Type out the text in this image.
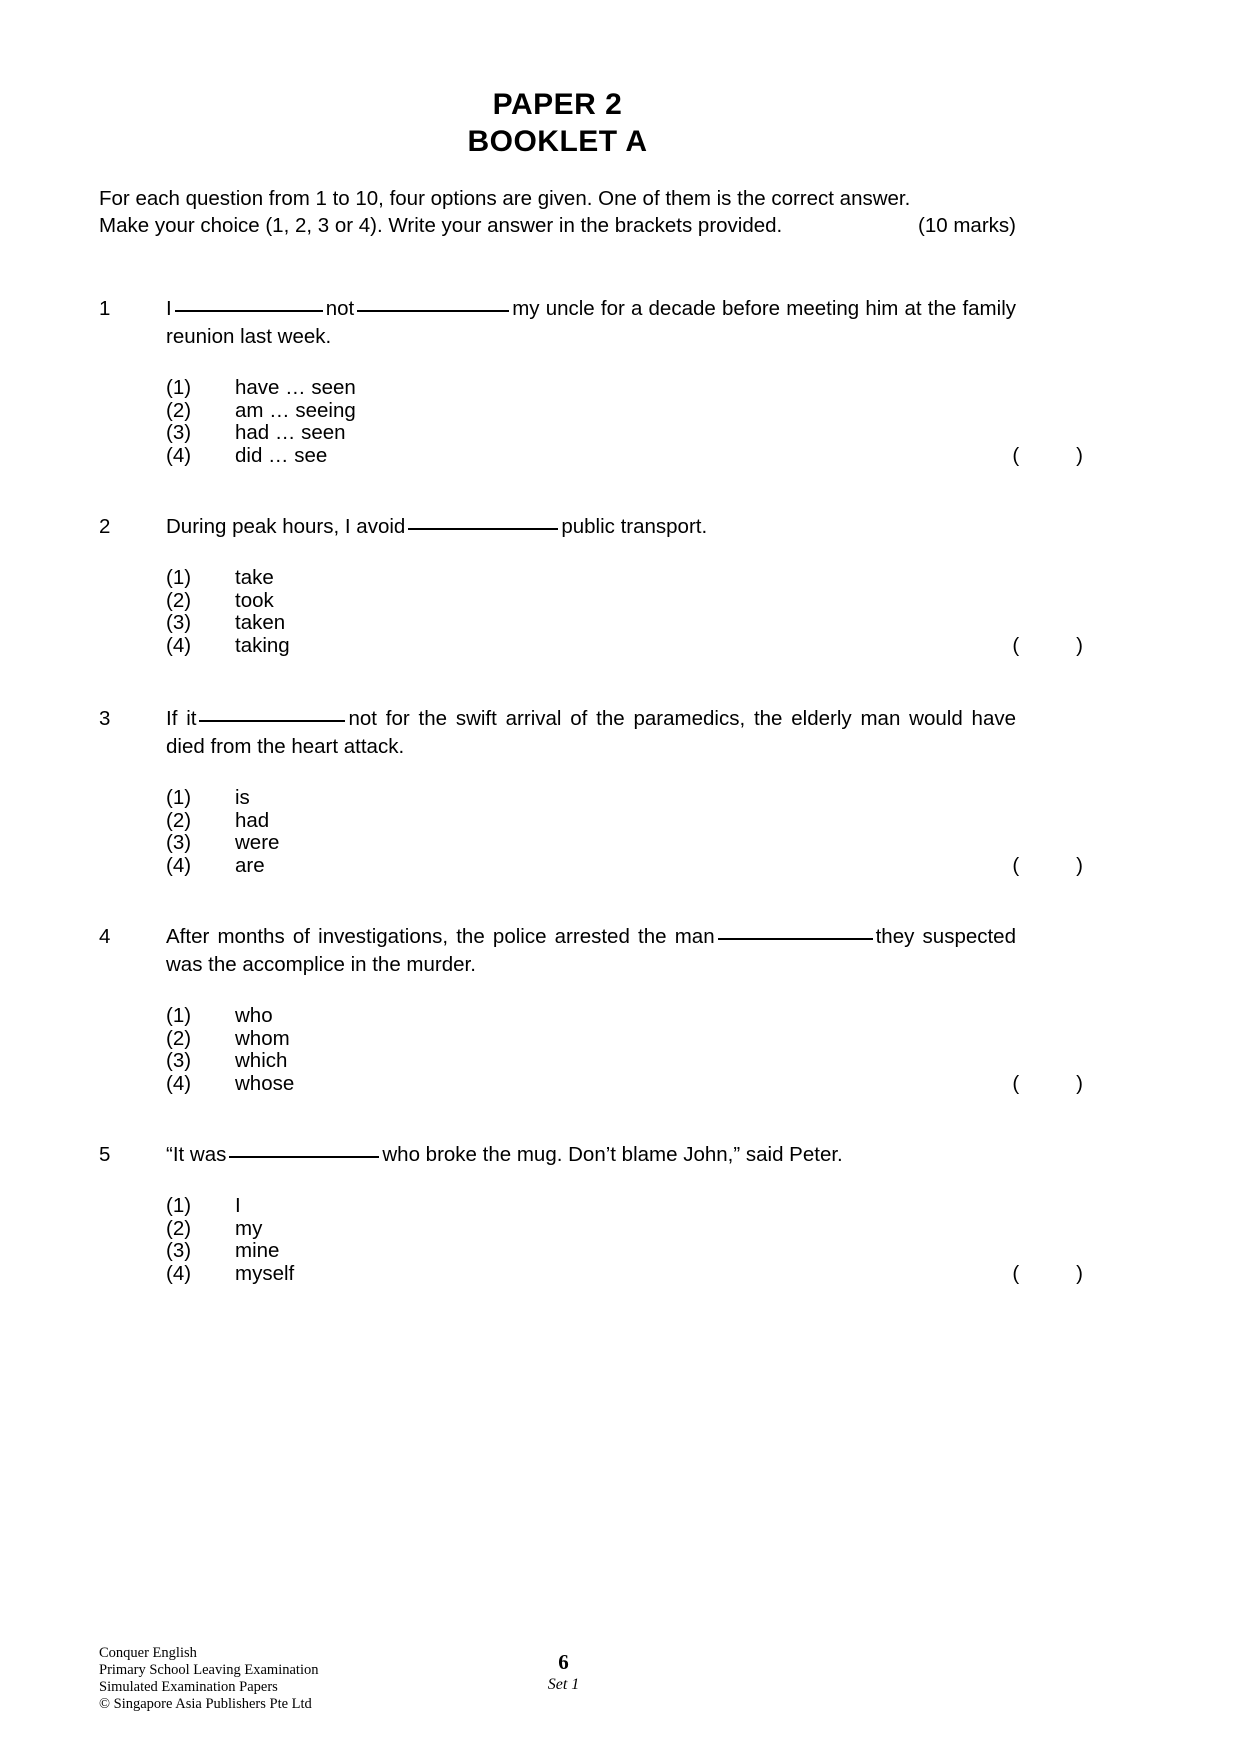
PAPER 2
BOOKLET A
For each question from 1 to 10, four options are given. One of them is the correct answer.
Make your choice (1, 2, 3 or 4). Write your answer in the brackets provided.	(10 marks)
1	I	not	my uncle for a decade before meeting him at the family reunion last week.
(1) have … seen
(2) am … seeing
(3) had … seen
(4) did … see	(          )
2	During peak hours, I avoid	public transport.
(1) take
(2) took
(3) taken
(4) taking	(          )
3	If it	not for the swift arrival of the paramedics, the elderly man would have died from the heart attack.
(1) is
(2) had
(3) were
(4) are	(          )
4	After months of investigations, the police arrested the man	they suspected was the accomplice in the murder.
(1) who
(2) whom
(3) which
(4) whose	(          )
5	“It was	who broke the mug. Don’t blame John,” said Peter.
(1) I
(2) my
(3) mine
(4) myself	(          )
Conquer English
Primary School Leaving Examination
Simulated Examination Papers
© Singapore Asia Publishers Pte Ltd
6
Set 1
